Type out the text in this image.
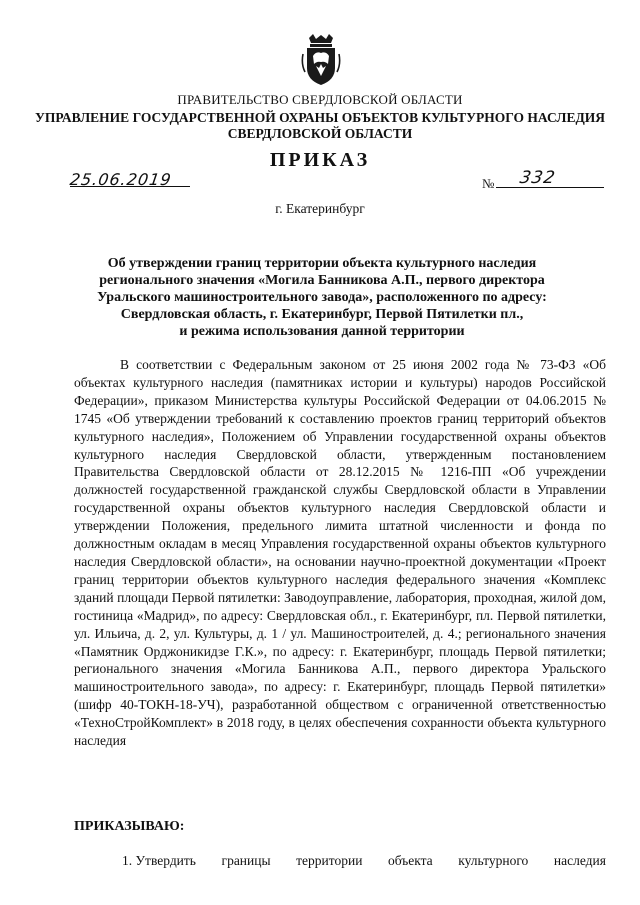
ПРАВИТЕЛЬСТВО СВЕРДЛОВСКОЙ ОБЛАСТИ
УПРАВЛЕНИЕ ГОСУДАРСТВЕННОЙ ОХРАНЫ ОБЪЕКТОВ КУЛЬТУРНОГО НАСЛЕДИЯ
СВЕРДЛОВСКОЙ ОБЛАСТИ
ПРИКАЗ
25.06.2019	№ 332
г. Екатеринбург
Об утверждении границ территории объекта культурного наследия
регионального значения «Могила Банникова А.П., первого директора
Уральского машиностроительного завода», расположенного по адресу:
Свердловская область, г. Екатеринбург, Первой Пятилетки пл.,
и режима использования данной территории

В соответствии с Федеральным законом от 25 июня 2002 года № 73-ФЗ «Об объектах культурного наследия (памятниках истории и культуры) народов Российской Федерации», приказом Министерства культуры Российской Федерации от 04.06.2015 № 1745 «Об утверждении требований к составлению проектов границ территорий объектов культурного наследия», Положением об Управлении государственной охраны объектов культурного наследия Свердловской области, утвержденным постановлением Правительства Свердловской области от 28.12.2015 № 1216-ПП «Об учреждении должностей государственной гражданской службы Свердловской области в Управлении государственной охраны объектов культурного наследия Свердловской области и утверждении Положения, предельного лимита штатной численности и фонда по должностным окладам в месяц Управления государственной охраны объектов культурного наследия Свердловской области», на основании научно-проектной документации «Проект границ территории объектов культурного наследия федерального значения «Комплекс зданий площади Первой пятилетки: Заводоуправление, лаборатория, проходная, жилой дом, гостиница «Мадрид», по адресу: Свердловская обл., г. Екатеринбург, пл. Первой пятилетки, ул. Ильича, д. 2, ул. Культуры, д. 1 / ул. Машиностроителей, д. 4.; регионального значения «Памятник Орджоникидзе Г.К.», по адресу: г. Екатеринбург, площадь Первой пятилетки; регионального значения «Могила Банникова А.П., первого директора Уральского машиностроительного завода», по адресу: г. Екатеринбург, площадь Первой пятилетки» (шифр 40-ТОКН-18-УЧ), разработанной обществом с ограниченной ответственностью «ТехноСтройКомплект» в 2018 году, в целях обеспечения сохранности объекта культурного наследия

ПРИКАЗЫВАЮ:
1. Утвердить границы территории объекта культурного наследия
